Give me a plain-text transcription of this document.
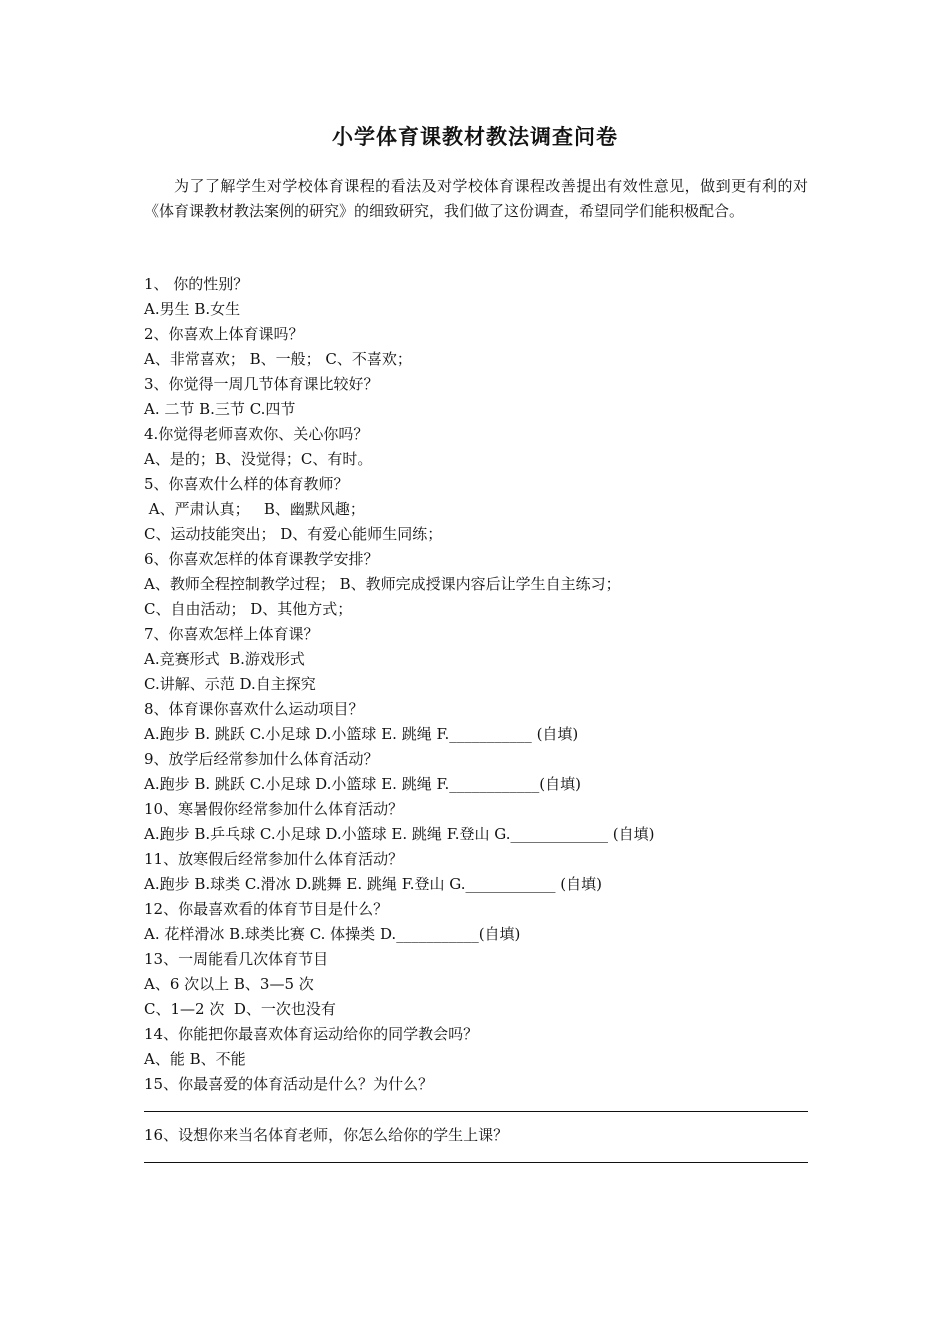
小学体育课教材教法调查问卷
为了了解学生对学校体育课程的看法及对学校体育课程改善提出有效性意见，做到更有利的对《体育课教材教法案例的研究》的细致研究，我们做了这份调查，希望同学们能积极配合。
1、 你的性别？
A.男生 B.女生
2、你喜欢上体育课吗？
A、非常喜欢； B、一般； C、不喜欢；
3、你觉得一周几节体育课比较好？
A. 二节 B.三节 C.四节
4.你觉得老师喜欢你、关心你吗？
A、是的；B、没觉得；C、有时。
5、你喜欢什么样的体育教师？
A、严肃认真；   B、幽默风趣；
C、运动技能突出； D、有爱心能师生同练；
6、你喜欢怎样的体育课教学安排？
A、教师全程控制教学过程； B、教师完成授课内容后让学生自主练习；
C、自由活动； D、其他方式；
7、你喜欢怎样上体育课？
A.竞赛形式  B.游戏形式
C.讲解、示范 D.自主探究
8、体育课你喜欢什么运动项目？
A.跑步 B. 跳跃 C.小足球 D.小篮球 E. 跳绳 F.___________ (自填)
9、放学后经常参加什么体育活动？
A.跑步 B. 跳跃 C.小足球 D.小篮球 E. 跳绳 F.____________(自填)
10、寒暑假你经常参加什么体育活动？
A.跑步 B.乒乓球 C.小足球 D.小篮球 E. 跳绳 F.登山 G._____________ (自填)
11、放寒假后经常参加什么体育活动？
A.跑步 B.球类 C.滑冰 D.跳舞 E. 跳绳 F.登山 G.____________ (自填)
12、你最喜欢看的体育节目是什么？
A. 花样滑冰 B.球类比赛 C. 体操类 D.___________(自填)
13、一周能看几次体育节目
A、6 次以上 B、3—5 次
C、1—2 次  D、一次也没有
14、你能把你最喜欢体育运动给你的同学教会吗？
A、能 B、不能
15、你最喜爱的体育活动是什么？为什么？
16、设想你来当名体育老师，你怎么给你的学生上课？
